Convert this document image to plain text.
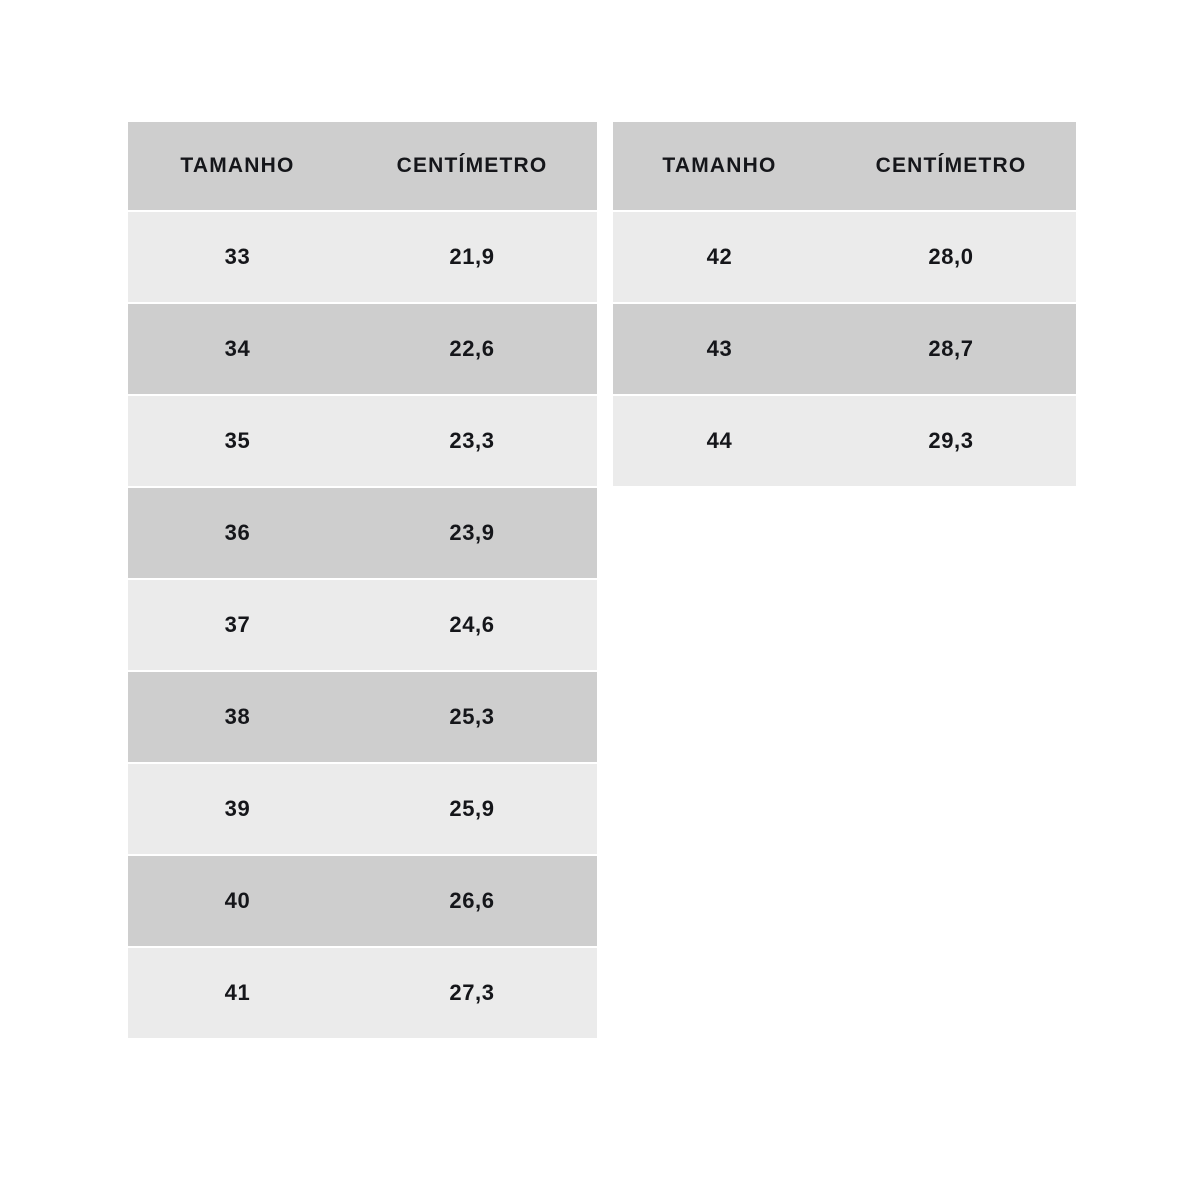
TAMANHO	CENTÍMETRO
33	21,9
34	22,6
35	23,3
36	23,9
37	24,6
38	25,3
39	25,9
40	26,6
41	27,3
TAMANHO	CENTÍMETRO
42	28,0
43	28,7
44	29,3
